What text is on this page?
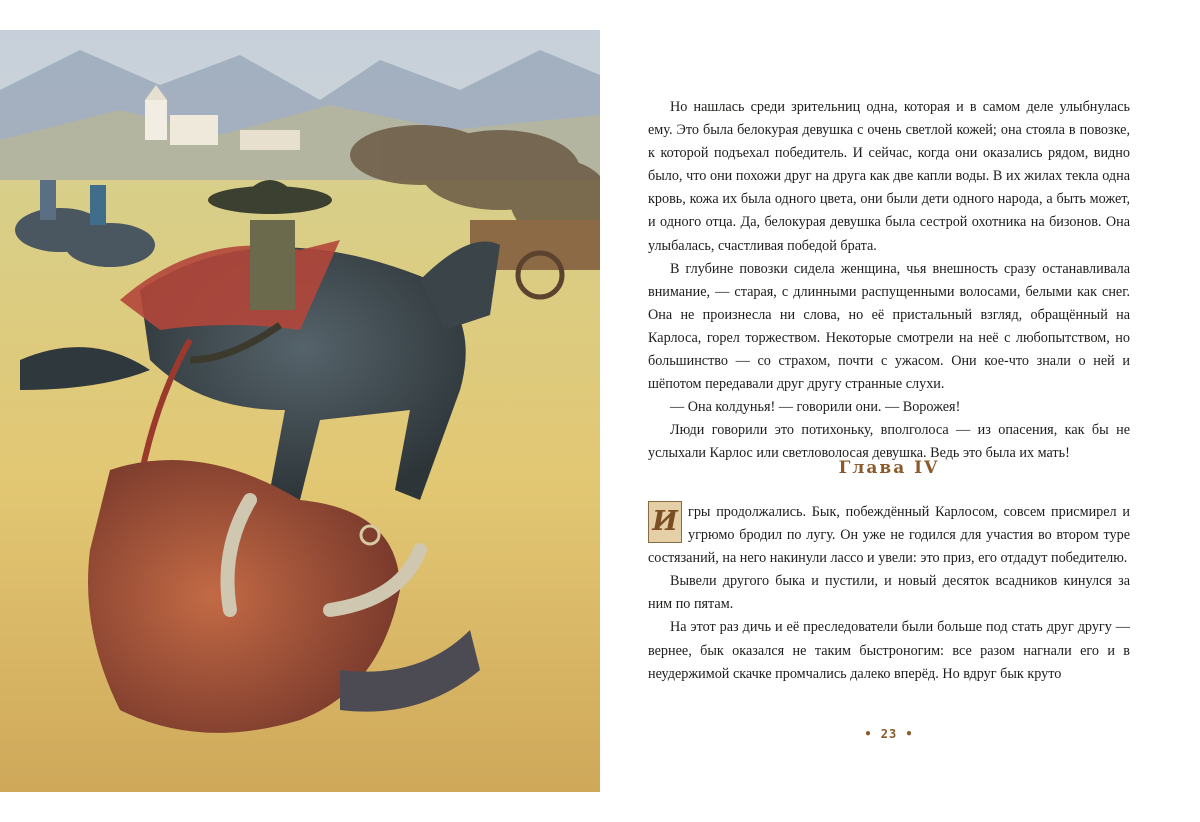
Но нашлась среди зрительниц одна, которая и в самом деле улыбнулась ему. Это была белокурая девушка с очень светлой кожей; она стояла в повозке, к которой подъехал победитель. И сейчас, когда они оказались рядом, видно было, что они похожи друг на друга как две капли воды. В их жилах текла одна кровь, кожа их была одного цвета, они были дети одного народа, а быть может, и одного отца. Да, белокурая девушка была сестрой охотника на бизонов. Она улыбалась, счастливая победой брата.

В глубине повозки сидела женщина, чья внешность сразу останавливала внимание, — старая, с длинными распущенными волосами, белыми как снег. Она не произнесла ни слова, но её пристальный взгляд, обращённый на Карлоса, горел торжеством. Некоторые смотрели на неё с любопытством, но большинство — со страхом, почти с ужасом. Они кое-что знали о ней и шёпотом передавали друг другу странные слухи.

— Она колдунья! — говорили они. — Ворожея!

Люди говорили это потихоньку, вполголоса — из опасения, как бы не услыхали Карлос или светловолосая девушка. Ведь это была их мать!

Глава IV

И гры продолжались. Бык, побеждённый Карлосом, совсем присмирел и угрюмо бродил по лугу. Он уже не годился для участия во втором туре состязаний, на него накинули лассо и увели: это приз, его отдадут победителю.

Вывели другого быка и пустили, и новый десяток всадников кинулся за ним по пятам.

На этот раз дичь и её преследователи были больше под стать друг другу — вернее, бык оказался не таким быстроногим: все разом нагнали его и в неудержимой скачке промчались далеко вперёд. Но вдруг бык круто

• 23 •
